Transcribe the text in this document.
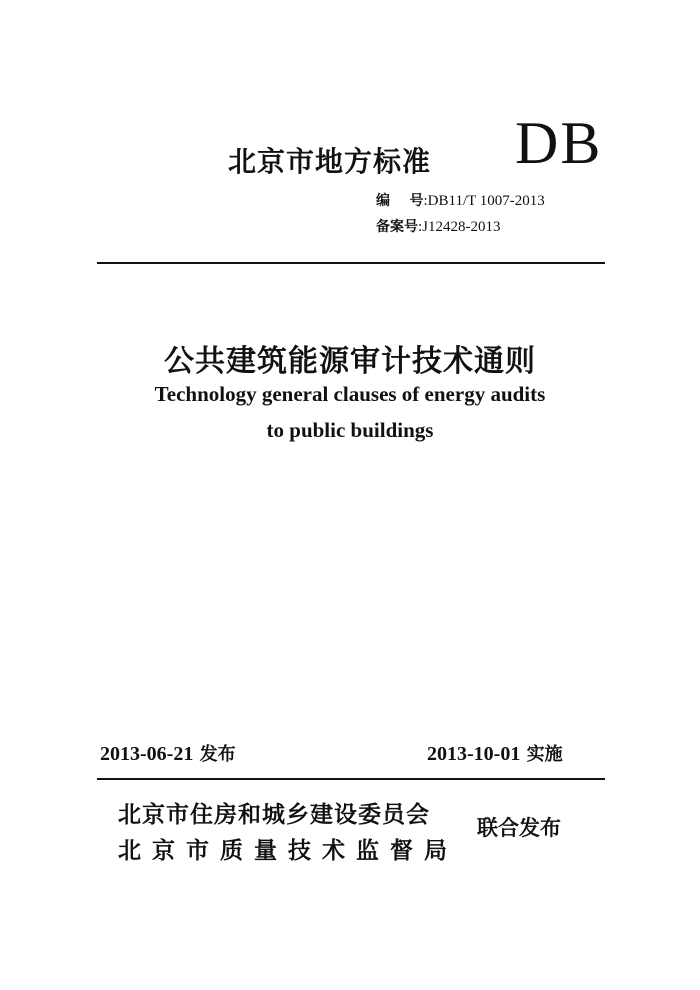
北京市地方标准 DB
编    号:DB11/T 1007-2013
备案号:J12428-2013
公共建筑能源审计技术通则
Technology general clauses of energy audits
to public buildings
2013-06-21 发布	2013-10-01 实施
北京市住房和城乡建设委员会
北京市质量技术监督局
联合发布
